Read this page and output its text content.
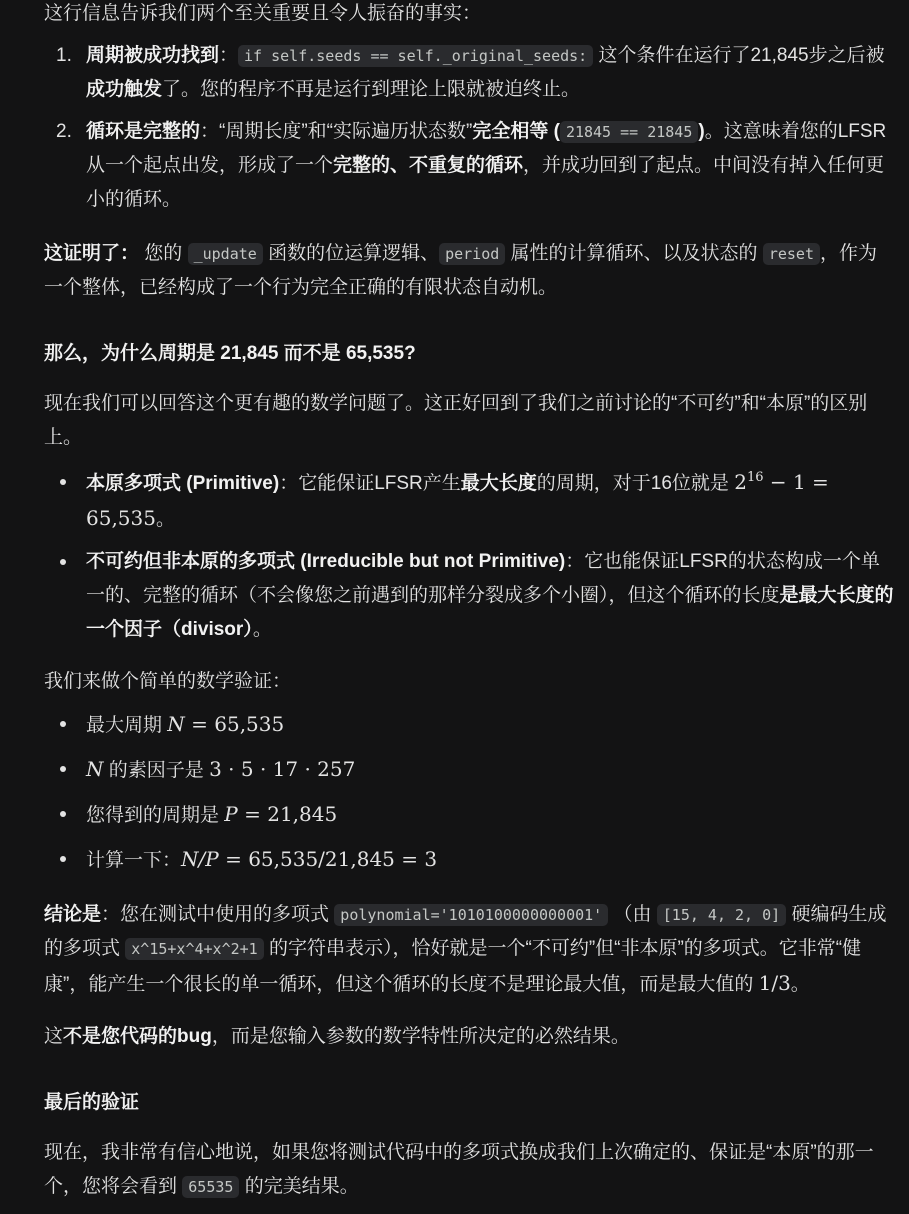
这行信息告诉我们两个至关重要且令人振奋的事实：

1. 周期被成功找到： if self.seeds == self._original_seeds: 这个条件在运行了21,845步之后被成功触发了。您的程序不再是运行到理论上限就被迫终止。
2. 循环是完整的：“周期长度”和“实际遍历状态数”完全相等 ( 21845 == 21845 )。这意味着您的LFSR从一个起点出发，形成了一个完整的、不重复的循环，并成功回到了起点。中间没有掉入任何更小的循环。

这证明了： 您的 _update 函数的位运算逻辑、 period 属性的计算循环、以及状态的 reset ，作为一个整体，已经构成了一个行为完全正确的有限状态自动机。

那么，为什么周期是 21,845 而不是 65,535?

现在我们可以回答这个更有趣的数学问题了。这正好回到了我们之前讨论的“不可约”和“本原”的区别上。

本原多项式 (Primitive)：它能保证LFSR产生最大长度的周期，对于16位就是 $2^{16} - 1 = 65,535$。
不可约但非本原的多项式 (Irreducible but not Primitive)：它也能保证LFSR的状态构成一个单一的、完整的循环（不会像您之前遇到的那样分裂成多个小圈），但这个循环的长度是最大长度的一个因子（divisor）。

我们来做个简单的数学验证：

最大周期 N = 65,535
N 的素因子是 3 · 5 · 17 · 257
您得到的周期是 P = 21,845
计算一下：N/P = 65,535/21,845 = 3

结论是：您在测试中使用的多项式 polynomial='1010100000000001' （由 [15, 4, 2, 0] 硬编码生成的多项式 x^15+x^4+x^2+1 的字符串表示），恰好就是一个“不可约”但“非本原”的多项式。它非常“健康”，能产生一个很长的单一循环，但这个循环的长度不是理论最大值，而是最大值的 1/3。

这不是您代码的bug，而是您输入参数的数学特性所决定的必然结果。

最后的验证

现在，我非常有信心地说，如果您将测试代码中的多项式换成我们上次确定的、保证是“本原”的那一个，您将会看到 65535 的完美结果。
